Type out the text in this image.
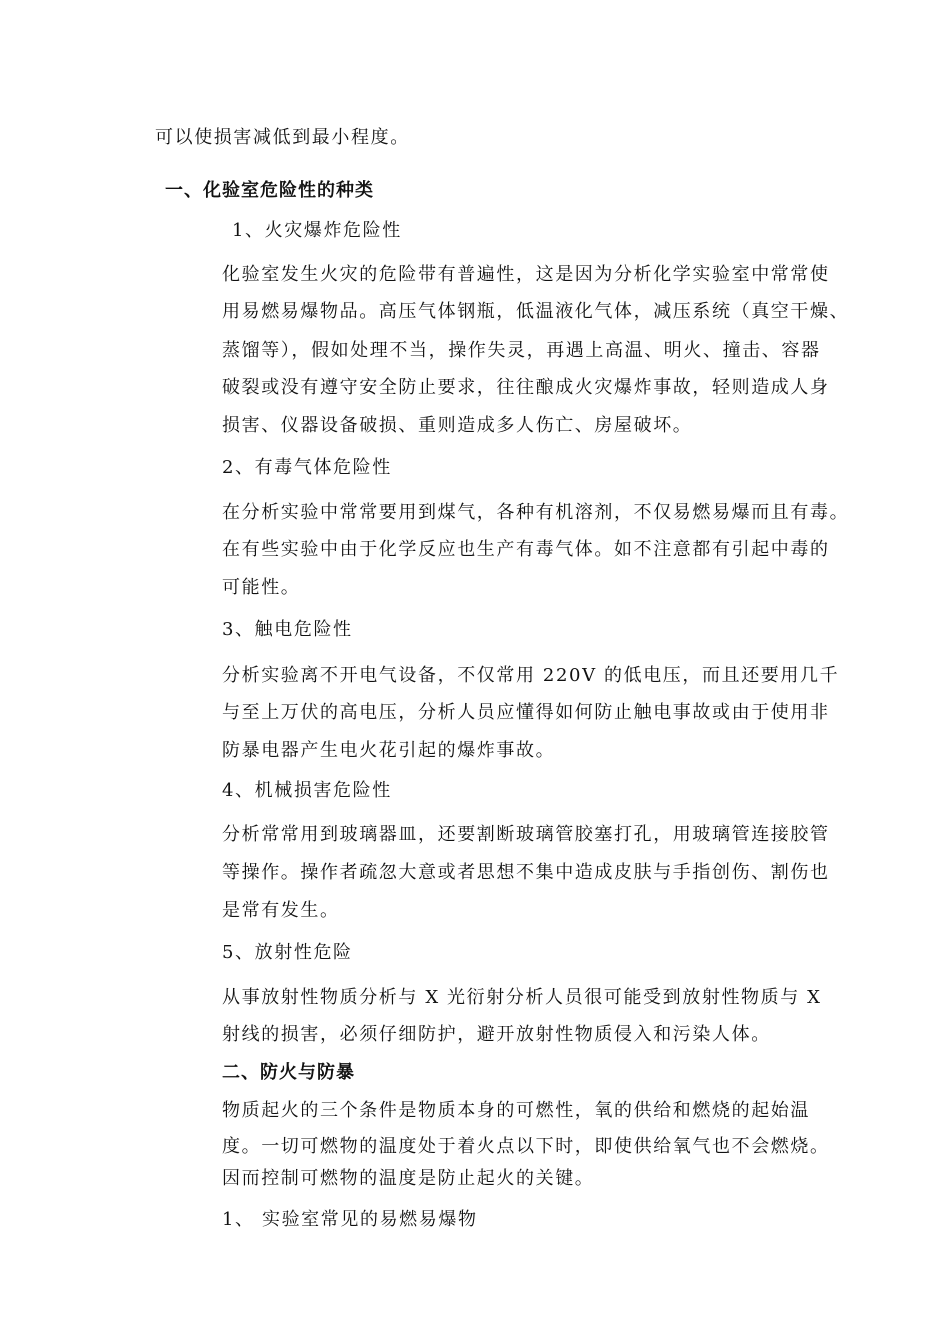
可以使损害减低到最小程度。

一、化验室危险性的种类

1、火灾爆炸危险性

化验室发生火灾的危险带有普遍性，这是因为分析化学实验室中常常使

用易燃易爆物品。高压气体钢瓶，低温液化气体，减压系统（真空干燥、

蒸馏等），假如处理不当，操作失灵，再遇上高温、明火、撞击、容器

破裂或没有遵守安全防止要求，往往酿成火灾爆炸事故，轻则造成人身

损害、仪器设备破损、重则造成多人伤亡、房屋破坏。

2、有毒气体危险性

在分析实验中常常要用到煤气，各种有机溶剂，不仅易燃易爆而且有毒。

在有些实验中由于化学反应也生产有毒气体。如不注意都有引起中毒的

可能性。

3、触电危险性

分析实验离不开电气设备，不仅常用 220V 的低电压，而且还要用几千

与至上万伏的高电压，分析人员应懂得如何防止触电事故或由于使用非

防暴电器产生电火花引起的爆炸事故。

4、机械损害危险性

分析常常用到玻璃器皿，还要割断玻璃管胶塞打孔，用玻璃管连接胶管

等操作。操作者疏忽大意或者思想不集中造成皮肤与手指创伤、割伤也

是常有发生。

5、放射性危险

从事放射性物质分析与 X 光衍射分析人员很可能受到放射性物质与 X

射线的损害，必须仔细防护，避开放射性物质侵入和污染人体。

二、防火与防暴

物质起火的三个条件是物质本身的可燃性，氧的供给和燃烧的起始温

度。一切可燃物的温度处于着火点以下时，即使供给氧气也不会燃烧。

因而控制可燃物的温度是防止起火的关键。

1、 实验室常见的易燃易爆物
